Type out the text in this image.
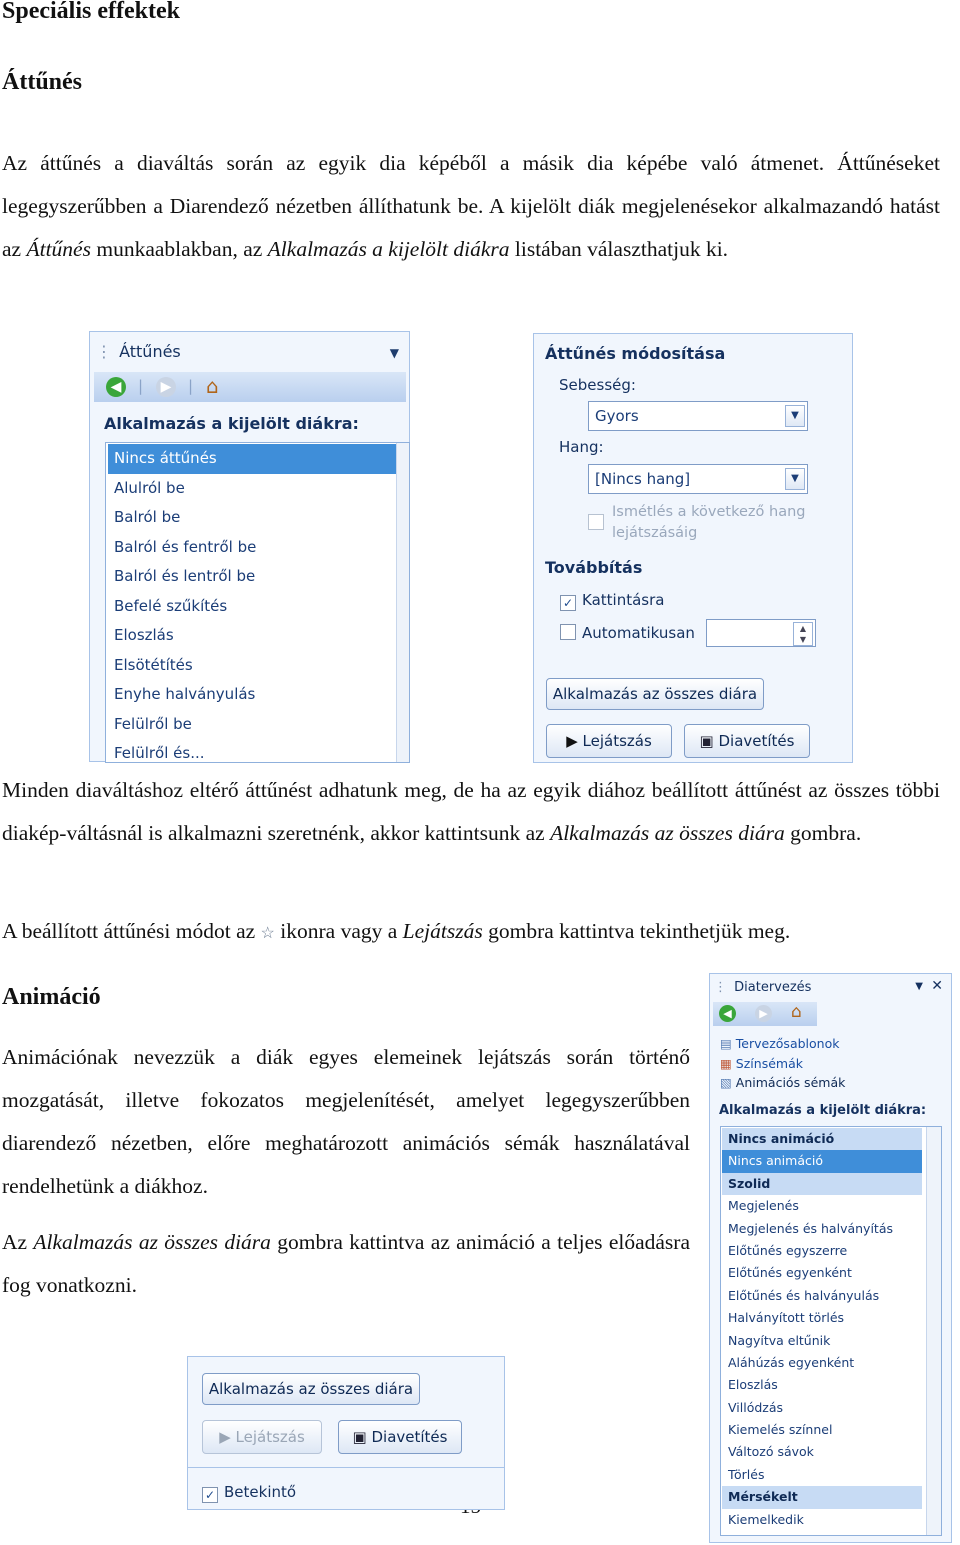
Speciális effektek
Áttűnés
Az áttűnés a diaváltás során az egyik dia képéből a másik dia képébe való átmenet. Áttűnéseket legegyszerűbben a Diarendező nézetben állíthatunk be. A kijelölt diák megjelenésekor alkalmazandó hatást az Áttűnés munkaablakban, az Alkalmazás a kijelölt diákra listában választhatjuk ki.
⋮ Áttűnés	▼
◀	|	▶	| ⌂
Alkalmazás a kijelölt diákra:
Nincs áttűnés
Alulról be
Balról be
Balról és fentről be
Balról és lentről be
Befelé szűkítés
Eloszlás
Elsötétítés
Enyhe halványulás
Felülről be
Felülről és...
Áttűnés módosítása
Sebesség:
Gyors	▼
Hang:
[Nincs hang]	▼
Ismétlés a következő hang lejátszásáig
Továbbítás
✓ Kattintásra
Automatikusan	▲
▼
Alkalmazás az összes diára
▶ Lejátszás	▣ Diavetítés
Minden diaváltáshoz eltérő áttűnést adhatunk meg, de ha az egyik diához beállított áttűnést az összes többi diakép-váltásnál is alkalmazni szeretnénk, akkor kattintsunk az Alkalmazás az összes diára gombra.
A beállított áttűnési módot az ☆ ikonra vagy a Lejátszás gombra kattintva tekinthetjük meg.
Animáció
Animációnak nevezzük a diák egyes elemeinek lejátszás során történő mozgatását, illetve fokozatos megjelenítését, amelyet legegyszerűbben diarendező nézetben, előre meghatározott animációs sémák használatával rendelhetünk a diákhoz.
Az Alkalmazás az összes diára gombra kattintva az animáció a teljes előadásra fog vonatkozni.
Alkalmazás az összes diára
▶ Lejátszás	▣ Diavetítés
✓ Betekintő
⋮ Diatervezés	▼ ✕
◀	▶ ⌂
▤ Tervezősablonok
▦ Színsémák
▧ Animációs sémák
Alkalmazás a kijelölt diákra:
Nincs animáció
Nincs animáció
Szolid
Megjelenés
Megjelenés és halványítás
Előtűnés egyszerre
Előtűnés egyenként
Előtűnés és halványulás
Halványított törlés
Nagyítva eltűnik
Aláhúzás egyenként
Eloszlás
Villódzás
Kiemelés színnel
Változó sávok
Törlés
Mérsékelt
Kiemelkedik
